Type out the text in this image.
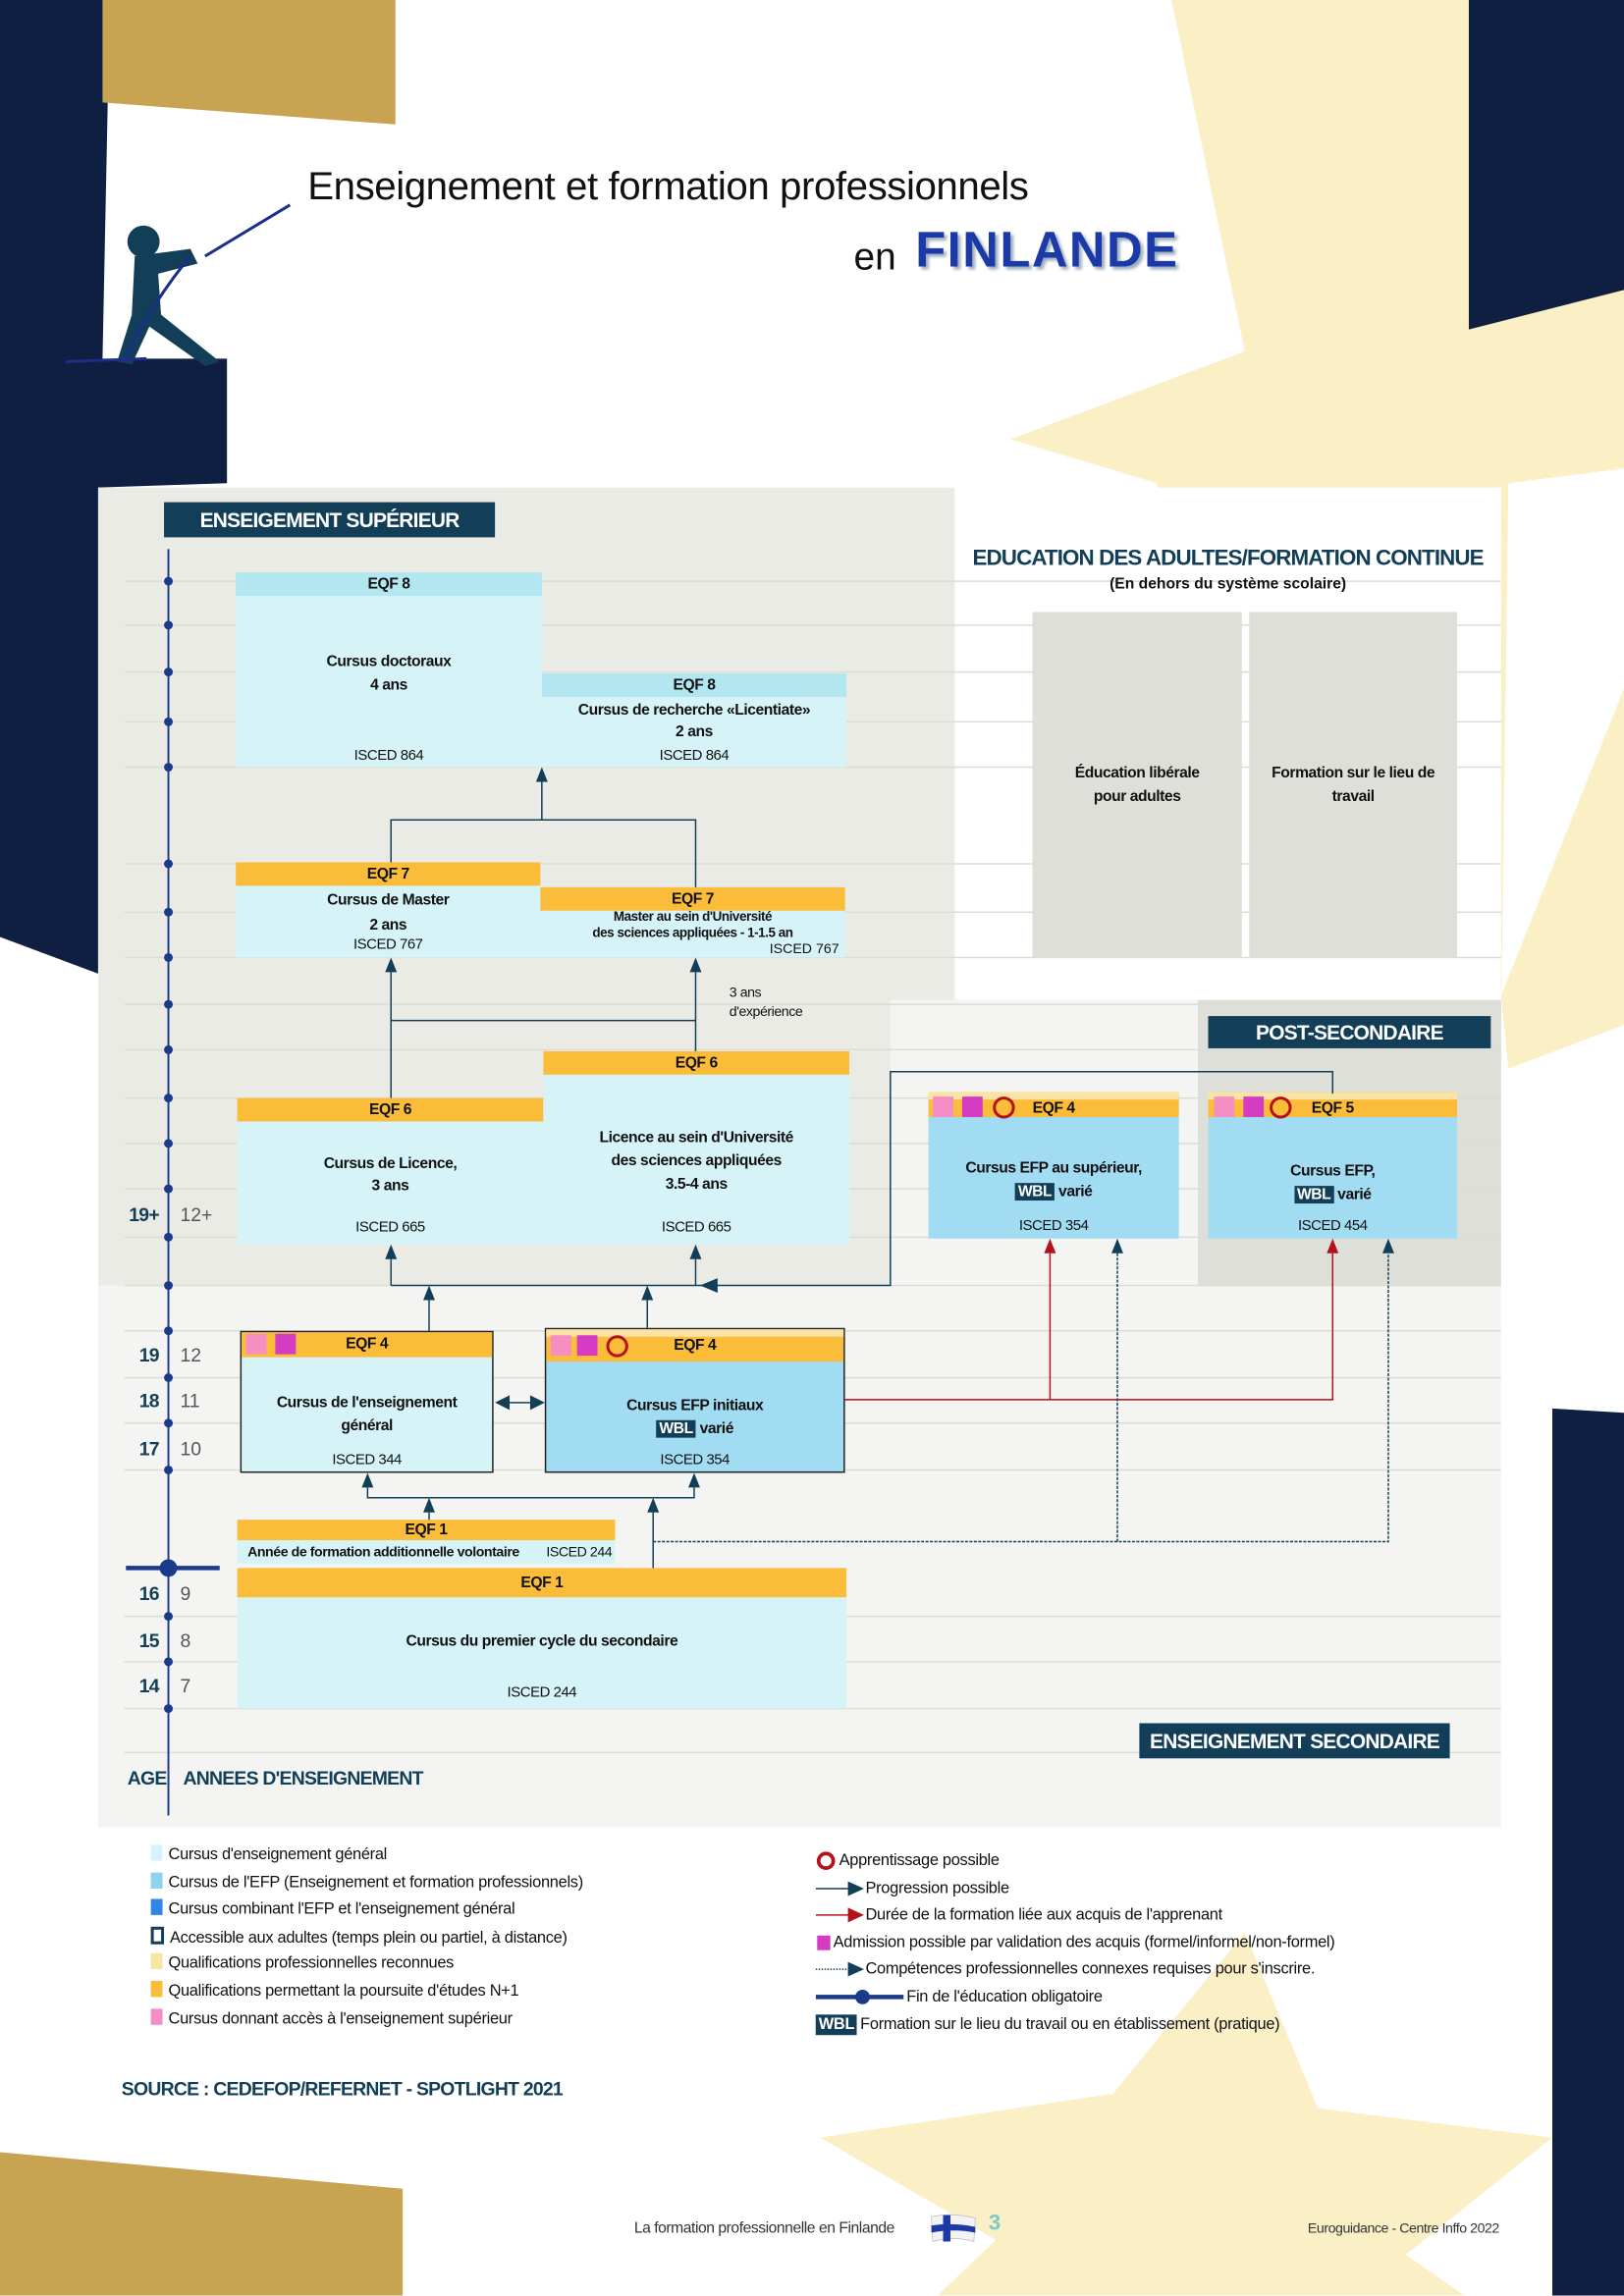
Enseignement et formation professionnels
en FINLANDE
ENSEIGEMENT SUPÉRIEUR
POST-SECONDAIRE
ENSEIGNEMENT SECONDAIRE
EDUCATION DES ADULTES/FORMATION CONTINUE
(En dehors du système scolaire)
Éducation libérale pour adultes
Formation sur le lieu de travail
EQF 8
Cursus doctoraux
4 ans
ISCED 864
EQF 8
Cursus de recherche «Licentiate»
2 ans
ISCED 864
EQF 7
Cursus de Master
2 ans
ISCED 767
EQF 7
Master au sein d'Université
des sciences appliquées - 1-1.5 an
ISCED 767
EQF 6
Cursus de Licence,
3 ans
ISCED 665
EQF 6
Licence au sein d'Université
des sciences appliquées
3.5-4 ans
ISCED 665
3 ans
d'expérience
EQF 4
Cursus de l'enseignement
général
ISCED 344
EQF 4
Cursus EFP initiaux
WBL varié
ISCED 354
EQF 4
Cursus EFP au supérieur,
WBL varié
ISCED 354
EQF 5
Cursus EFP,
WBL varié
ISCED 454
EQF 1
Année de formation additionnelle volontaire	ISCED 244
EQF 1
Cursus du premier cycle du secondaire
ISCED 244
19+ 12+
19 12
18 11
17 10
16 9
15 8
14 7
AGE ANNEES D'ENSEIGNEMENT
Cursus d'enseignement général
Cursus de l'EFP (Enseignement et formation professionnels)
Cursus combinant l'EFP et l'enseignement général
Accessible aux adultes (temps plein ou partiel, à distance)
Qualifications professionnelles reconnues
Qualifications permettant la poursuite d'études N+1
Cursus donnant accès à l'enseignement supérieur
Apprentissage possible
Progression possible
Durée de la formation liée aux acquis de l'apprenant
Admission possible par validation des acquis (formel/informel/non-formel)
Compétences professionnelles connexes requises pour s'inscrire.
Fin de l'éducation obligatoire
WBL Formation sur le lieu du travail ou en établissement (pratique)
SOURCE : CEDEFOP/REFERNET - SPOTLIGHT 2021
La formation professionnelle en Finlande	3	Euroguidance - Centre Inffo 2022
